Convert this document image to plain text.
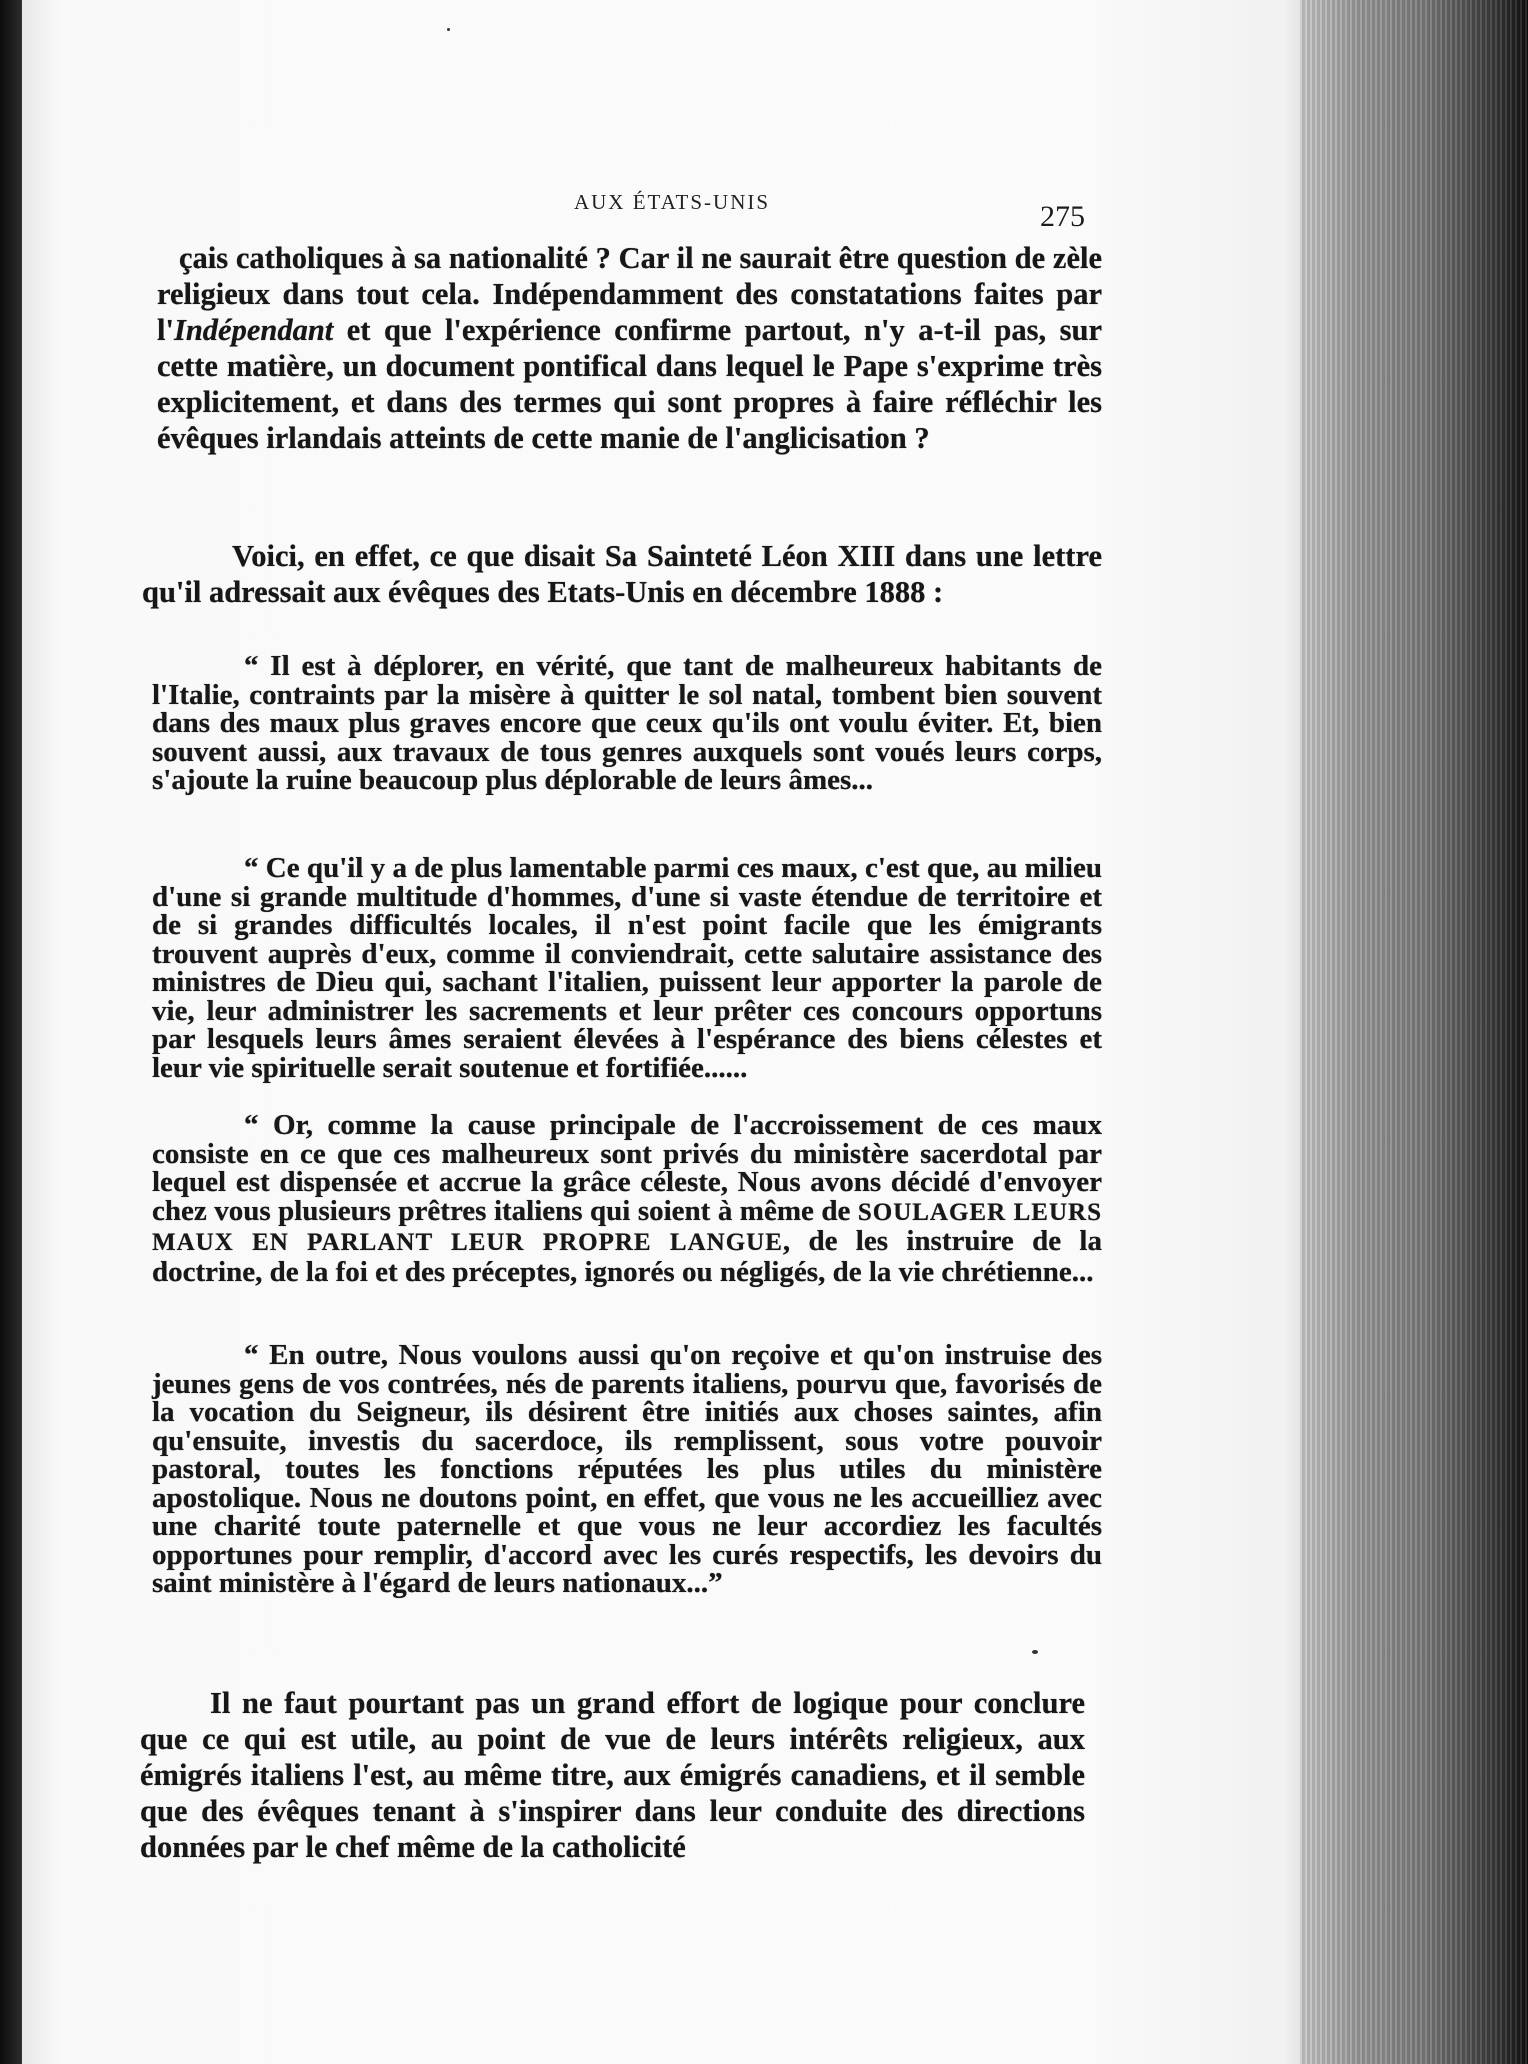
AUX ÉTATS-UNIS	275

çais catholiques à sa nationalité ? Car il ne saurait être question de zèle religieux dans tout cela. Indépendamment des constatations faites par l'Indépendant et que l'expérience confirme partout, n'y a-t-il pas, sur cette matière, un document pontifical dans lequel le Pape s'exprime très explicitement, et dans des termes qui sont propres à faire réfléchir les évêques irlandais atteints de cette manie de l'anglicisation ?

Voici, en effet, ce que disait Sa Sainteté Léon XIII dans une lettre qu'il adressait aux évêques des Etats-Unis en décembre 1888 :

“ Il est à déplorer, en vérité, que tant de malheureux habitants de l'Italie, contraints par la misère à quitter le sol natal, tombent bien souvent dans des maux plus graves encore que ceux qu'ils ont voulu éviter. Et, bien souvent aussi, aux travaux de tous genres auxquels sont voués leurs corps, s'ajoute la ruine beaucoup plus déplorable de leurs âmes...

“ Ce qu'il y a de plus lamentable parmi ces maux, c'est que, au milieu d'une si grande multitude d'hommes, d'une si vaste étendue de territoire et de si grandes difficultés locales, il n'est point facile que les émigrants trouvent auprès d'eux, comme il conviendrait, cette salutaire assistance des ministres de Dieu qui, sachant l'italien, puissent leur apporter la parole de vie, leur administrer les sacrements et leur prêter ces concours opportuns par lesquels leurs âmes seraient élevées à l'espérance des biens célestes et leur vie spirituelle serait soutenue et fortifiée......

“ Or, comme la cause principale de l'accroissement de ces maux consiste en ce que ces malheureux sont privés du ministère sacerdotal par lequel est dispensée et accrue la grâce céleste, Nous avons décidé d'envoyer chez vous plusieurs prêtres italiens qui soient à même de SOULAGER LEURS MAUX EN PARLANT LEUR PROPRE LANGUE, de les instruire de la doctrine, de la foi et des préceptes, ignorés ou négligés, de la vie chrétienne...

“ En outre, Nous voulons aussi qu'on reçoive et qu'on instruise des jeunes gens de vos contrées, nés de parents italiens, pourvu que, favorisés de la vocation du Seigneur, ils désirent être initiés aux choses saintes, afin qu'ensuite, investis du sacerdoce, ils remplissent, sous votre pouvoir pastoral, toutes les fonctions réputées les plus utiles du ministère apostolique. Nous ne doutons point, en effet, que vous ne les accueilliez avec une charité toute paternelle et que vous ne leur accordiez les facultés opportunes pour remplir, d'accord avec les curés respectifs, les devoirs du saint ministère à l'égard de leurs nationaux...”

Il ne faut pourtant pas un grand effort de logique pour conclure que ce qui est utile, au point de vue de leurs intérêts religieux, aux émigrés italiens l'est, au même titre, aux émigrés canadiens, et il semble que des évêques tenant à s'inspirer dans leur conduite des directions données par le chef même de la catholicité
